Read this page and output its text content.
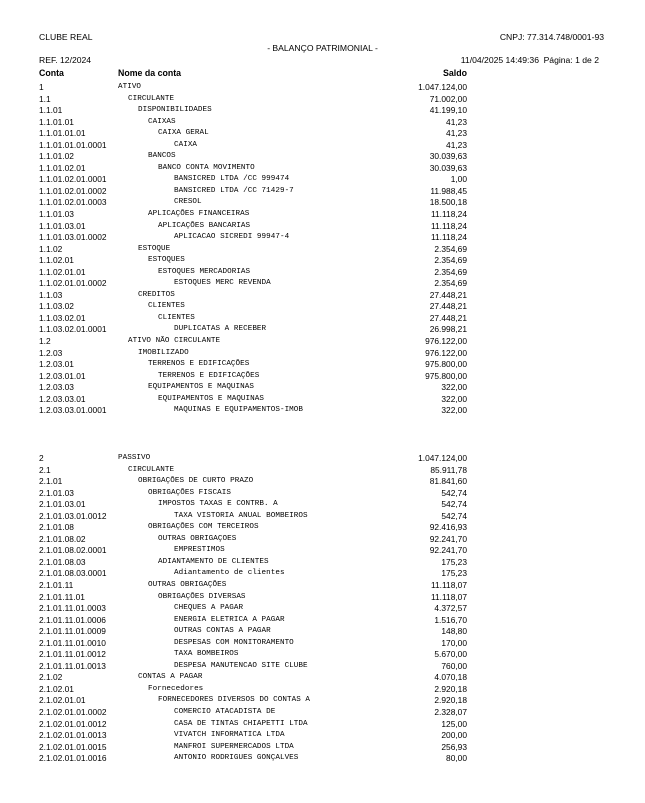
CLUBE REAL	CNPJ: 77.314.748/0001-93
- BALANÇO PATRIMONIAL -
REF. 12/2024	11/04/2025 14:49:36 Página: 1 de 2
Conta	Nome da conta	Saldo
1	ATIVO	1.047.124,00
1.1	CIRCULANTE	71.002,00
1.1.01	DISPONIBILIDADES	41.199,10
1.1.01.01	CAIXAS	41,23
1.1.01.01.01	CAIXA GERAL	41,23
1.1.01.01.01.0001	CAIXA	41,23
1.1.01.02	BANCOS	30.039,63
1.1.01.02.01	BANCO CONTA MOVIMENTO	30.039,63
1.1.01.02.01.0001	BANSICRED LTDA /CC 999474	1,00
1.1.01.02.01.0002	BANSICRED LTDA /CC 71429-7	11.988,45
1.1.01.02.01.0003	CRESOL	18.500,18
1.1.01.03	APLICAÇÕES FINANCEIRAS	11.118,24
1.1.01.03.01	APLICAÇÕES BANCARIAS	11.118,24
1.1.01.03.01.0002	APLICACAO SICREDI 99947-4	11.118,24
1.1.02	ESTOQUE	2.354,69
1.1.02.01	ESTOQUES	2.354,69
1.1.02.01.01	ESTOQUES MERCADORIAS	2.354,69
1.1.02.01.01.0002	ESTOQUES MERC REVENDA	2.354,69
1.1.03	CREDITOS	27.448,21
1.1.03.02	CLIENTES	27.448,21
1.1.03.02.01	CLIENTES	27.448,21
1.1.03.02.01.0001	DUPLICATAS A RECEBER	26.998,21
1.2	ATIVO NÃO CIRCULANTE	976.122,00
1.2.03	IMOBILIZADO	976.122,00
1.2.03.01	TERRENOS E EDIFICAÇÕES	975.800,00
1.2.03.01.01	TERRENOS E EDIFICAÇÕES	975.800,00
1.2.03.03	EQUIPAMENTOS E MAQUINAS	322,00
1.2.03.03.01	EQUIPAMENTOS E MAQUINAS	322,00
1.2.03.03.01.0001	MAQUINAS E EQUIPAMENTOS-IMOB	322,00
2	PASSIVO	1.047.124,00
2.1	CIRCULANTE	85.911,78
2.1.01	OBRIGAÇÕES DE CURTO PRAZO	81.841,60
2.1.01.03	OBRIGAÇÕES FISCAIS	542,74
2.1.01.03.01	IMPOSTOS TAXAS E CONTRB. A	542,74
2.1.01.03.01.0012	TAXA VISTORIA ANUAL BOMBEIROS	542,74
2.1.01.08	OBRIGAÇÕES COM TERCEIROS	92.416,93
2.1.01.08.02	OUTRAS OBRIGAÇOES	92.241,70
2.1.01.08.02.0001	EMPRESTIMOS	92.241,70
2.1.01.08.03	ADIANTAMENTO DE CLIENTES	175,23
2.1.01.08.03.0001	Adiantamento de clientes	175,23
2.1.01.11	OUTRAS OBRIGAÇÕES	11.118,07
2.1.01.11.01	OBRIGAÇÕES DIVERSAS	11.118,07
2.1.01.11.01.0003	CHEQUES A PAGAR	4.372,57
2.1.01.11.01.0006	ENERGIA ELETRICA A PAGAR	1.516,70
2.1.01.11.01.0009	OUTRAS CONTAS A PAGAR	148,80
2.1.01.11.01.0010	DESPESAS COM MONITORAMENTO	170,00
2.1.01.11.01.0012	TAXA BOMBEIROS	5.670,00
2.1.01.11.01.0013	DESPESA MANUTENCAO SITE CLUBE	760,00
2.1.02	CONTAS A PAGAR	4.070,18
2.1.02.01	Fornecedores	2.920,18
2.1.02.01.01	FORNECEDORES DIVERSOS DO CONTAS A	2.920,18
2.1.02.01.01.0002	COMERCIO ATACADISTA DE	2.328,07
2.1.02.01.01.0012	CASA DE TINTAS CHIAPETTI LTDA	125,00
2.1.02.01.01.0013	VIVATCH INFORMATICA LTDA	200,00
2.1.02.01.01.0015	MANFROI SUPERMERCADOS LTDA	256,93
2.1.02.01.01.0016	ANTONIO RODRIGUES GONÇALVES	80,00
